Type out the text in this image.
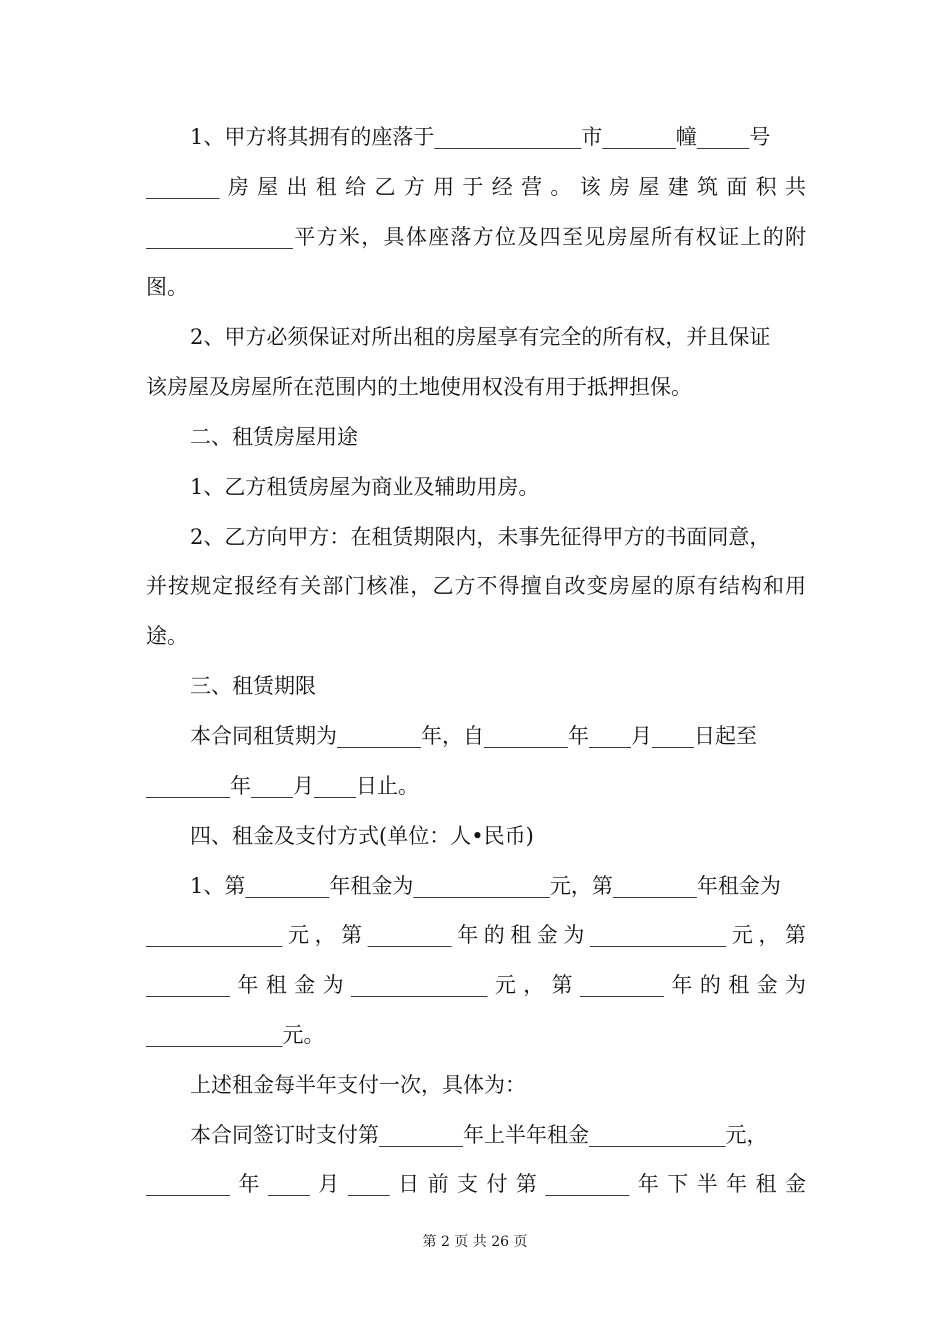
1、甲方将其拥有的座落于______________市_______幢_____号
_______房屋出租给乙方用于经营。该房屋建筑面积共
______________平方米，具体座落方位及四至见房屋所有权证上的附
图。
2、甲方必须保证对所出租的房屋享有完全的所有权，并且保证
该房屋及房屋所在范围内的土地使用权没有用于抵押担保。
二、租赁房屋用途
1、乙方租赁房屋为商业及辅助用房。
2、乙方向甲方：在租赁期限内，未事先征得甲方的书面同意，
并按规定报经有关部门核准，乙方不得擅自改变房屋的原有结构和用
途。
三、租赁期限
本合同租赁期为________年，自________年____月____日起至
________年____月____日止。
四、租金及支付方式(单位：人•民币)
1、第________年租金为_____________元，第________年租金为
_____________元，第________年的租金为_____________元，第
________年租金为_____________元，第________年的租金为
_____________元。
上述租金每半年支付一次，具体为：
本合同签订时支付第________年上半年租金_____________元，
________年____月____日前支付第________年下半年租金
第 2 页 共 26 页
